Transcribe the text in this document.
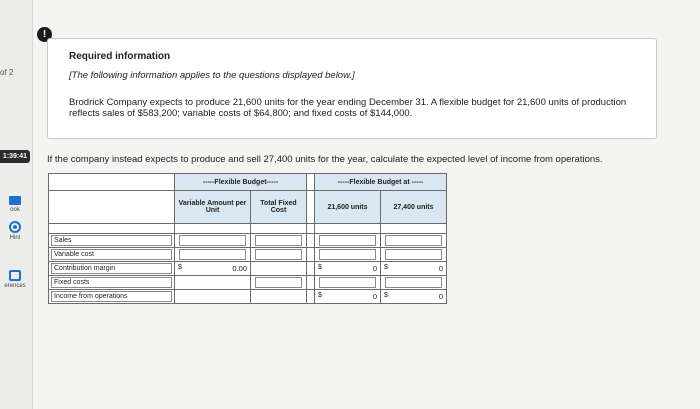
of 2
1:39:41
ook
Hint
erences
!
Required information
[The following information applies to the questions displayed below.]
Brodrick Company expects to produce 21,600 units for the year ending December 31. A flexible budget for 21,600 units of production reflects sales of $583,200; variable costs of $64,800; and fixed costs of $144,000.
If the company instead expects to produce and sell 27,400 units for the year, calculate the expected level of income from operations.
	-----Flexible Budget-----			-----Flexible Budget at -----	
	Variable Amount per Unit	Total Fixed Cost		21,600 units	27,400 units

Sales					

Variable cost					

Contribution margin	$ 0.00			$ 0	$ 0

Fixed costs					

Income from operations				$ 0	$ 0
